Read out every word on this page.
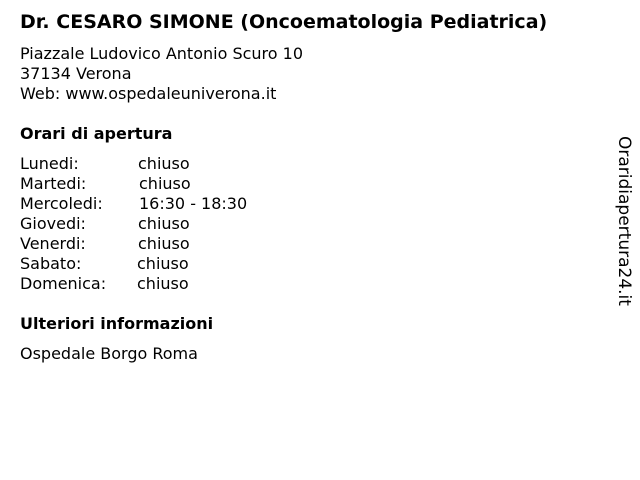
Dr. CESARO SIMONE (Oncoematologia Pediatrica)
Piazzale Ludovico Antonio Scuro 10
37134 Verona
Web: www.ospedaleuniverona.it
Orari di apertura
Lunedi:	chiuso
Martedi:	chiuso
Mercoledi: 16:30 - 18:30
Giovedi:	chiuso
Venerdi:	chiuso
Sabato:	chiuso
Domenica: chiuso
Ulteriori informazioni
Ospedale Borgo Roma
Oraridiapertura24.it
